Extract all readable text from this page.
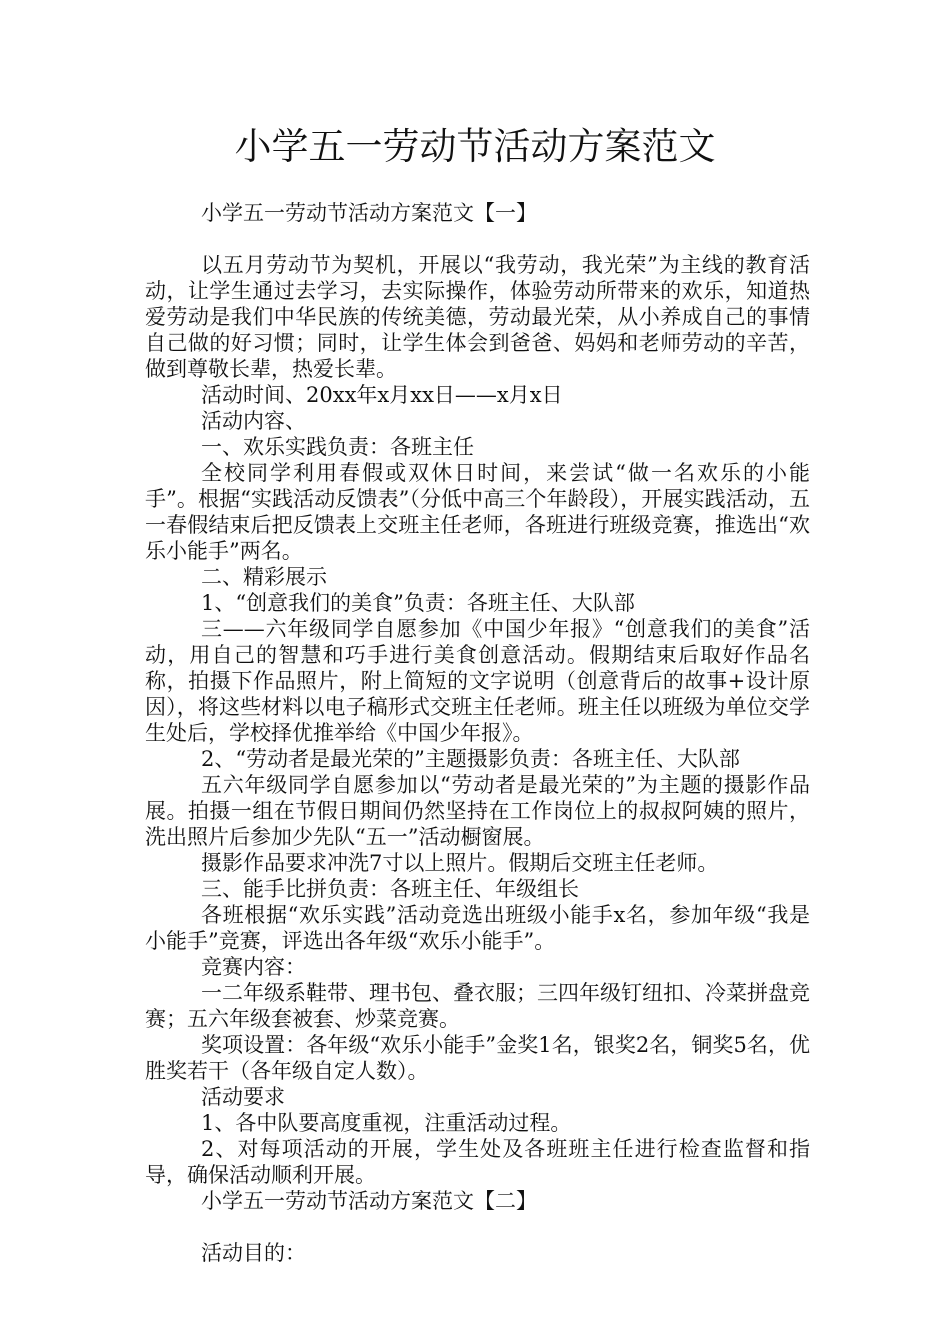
小学五一劳动节活动方案范文

小学五一劳动节活动方案范文【一】

以五月劳动节为契机，开展以“我劳动，我光荣”为主线的教育活动，让学生通过去学习，去实际操作，体验劳动所带来的欢乐，知道热爱劳动是我们中华民族的传统美德，劳动最光荣，从小养成自己的事情自己做的好习惯；同时，让学生体会到爸爸、妈妈和老师劳动的辛苦，做到尊敬长辈，热爱长辈。

活动时间、20xx年x月xx日——x月x日

活动内容、

一、欢乐实践负责：各班主任

全校同学利用春假或双休日时间，来尝试“做一名欢乐的小能手”。根据“实践活动反馈表”（分低中高三个年龄段），开展实践活动，五一春假结束后把反馈表上交班主任老师，各班进行班级竞赛，推选出“欢乐小能手”两名。

二、精彩展示

1、“创意我们的美食”负责：各班主任、大队部

三——六年级同学自愿参加《中国少年报》“创意我们的美食”活动，用自己的智慧和巧手进行美食创意活动。假期结束后取好作品名称，拍摄下作品照片，附上简短的文字说明（创意背后的故事+设计原因），将这些材料以电子稿形式交班主任老师。班主任以班级为单位交学生处后，学校择优推举给《中国少年报》。

2、“劳动者是最光荣的”主题摄影负责：各班主任、大队部

五六年级同学自愿参加以“劳动者是最光荣的”为主题的摄影作品展。拍摄一组在节假日期间仍然坚持在工作岗位上的叔叔阿姨的照片，洗出照片后参加少先队“五一”活动橱窗展。

摄影作品要求冲洗7寸以上照片。假期后交班主任老师。

三、能手比拼负责：各班主任、年级组长

各班根据“欢乐实践”活动竞选出班级小能手x名，参加年级“我是小能手”竞赛，评选出各年级“欢乐小能手”。

竞赛内容：

一二年级系鞋带、理书包、叠衣服；三四年级钉纽扣、冷菜拼盘竞赛；五六年级套被套、炒菜竞赛。

奖项设置：各年级“欢乐小能手”金奖1名，银奖2名，铜奖5名，优胜奖若干（各年级自定人数）。

活动要求

1、各中队要高度重视，注重活动过程。

2、对每项活动的开展，学生处及各班班主任进行检查监督和指导，确保活动顺利开展。

小学五一劳动节活动方案范文【二】

活动目的：
